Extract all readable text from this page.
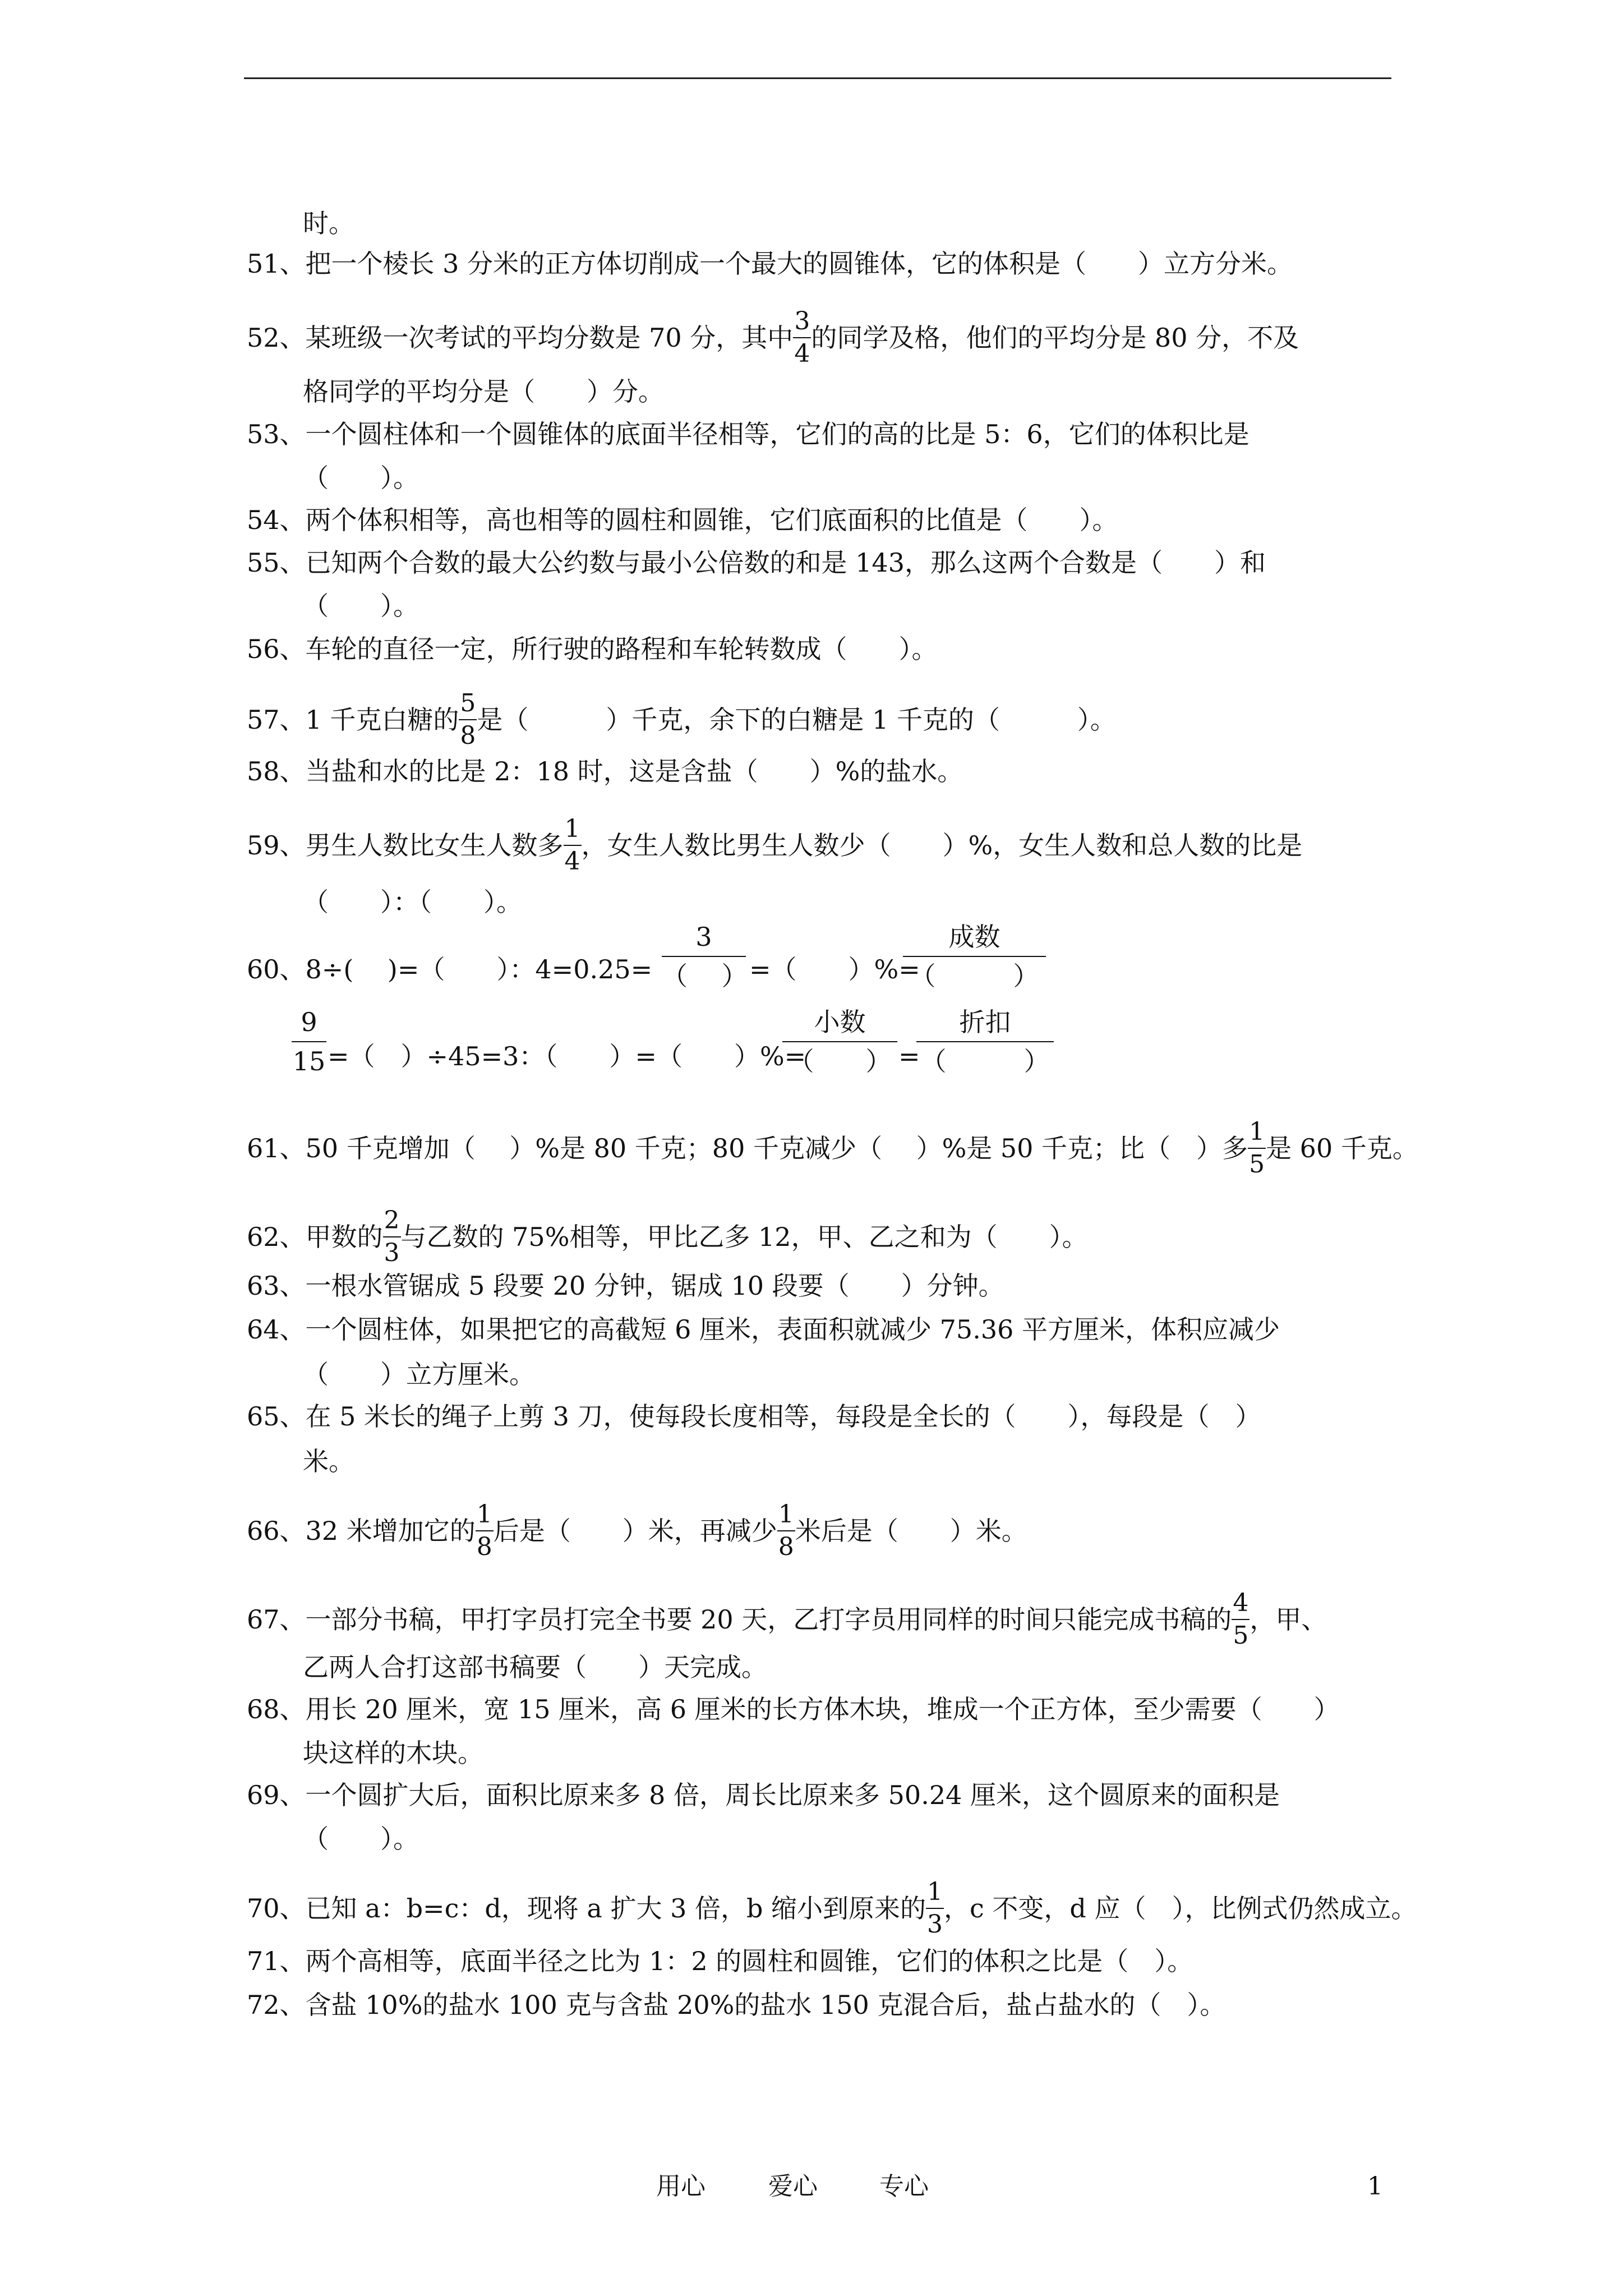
时。
51、把一个棱长 3 分米的正方体切削成一个最大的圆锥体，它的体积是（　　）立方分米。
52、某班级一次考试的平均分数是 70 分，其中 $\frac{3}{4}$ 的同学及格，他们的平均分是 80 分，不及
格同学的平均分是（　　）分。
53、一个圆柱体和一个圆锥体的底面半径相等，它们的高的比是 5：6，它们的体积比是
（　　）。
54、两个体积相等，高也相等的圆柱和圆锥，它们底面积的比值是（　　）。
55、已知两个合数的最大公约数与最小公倍数的和是 143，那么这两个合数是（　　）和
（　　）。
56、车轮的直径一定，所行驶的路程和车轮转数成（　　）。
57、1 千克白糖的 $\frac{5}{8}$ 是（　　　）千克，余下的白糖是 1 千克的（　　　）。
58、当盐和水的比是 2：18 时，这是含盐（　　）%的盐水。
59、男生人数比女生人数多 $\frac{1}{4}$ ，女生人数比男生人数少（　　）%，女生人数和总人数的比是
（　　）：（　　）。
60、8÷(　 )=（　　）：4=0.25=
3
（　 ） =（　　）%=
成数
（　　　）
9
15 =（　）÷45=3：（　　）=（　　）%=
小数
（　　） =
折扣
（　　　）
61、50 千克增加（　 ）%是 80 千克；80 千克减少（　 ）%是 50 千克；比（　）多 $\frac{1}{5}$ 是 60 千克。
62、甲数的 $\frac{2}{3}$ 与乙数的 75%相等，甲比乙多 12，甲、乙之和为（　　）。
63、一根水管锯成 5 段要 20 分钟，锯成 10 段要（　　）分钟。
64、一个圆柱体，如果把它的高截短 6 厘米，表面积就减少 75.36 平方厘米，体积应减少
（　　）立方厘米。
65、在 5 米长的绳子上剪 3 刀，使每段长度相等，每段是全长的（　　），每段是（　）
米。
66、32 米增加它的 $\frac{1}{8}$ 后是（　　）米，再减少 $\frac{1}{8}$ 米后是（　　）米。
67、一部分书稿，甲打字员打完全书要 20 天，乙打字员用同样的时间只能完成书稿的 $\frac{4}{5}$ ，甲、
乙两人合打这部书稿要（　　）天完成。
68、用长 20 厘米，宽 15 厘米，高 6 厘米的长方体木块，堆成一个正方体，至少需要（　　）
块这样的木块。
69、一个圆扩大后，面积比原来多 8 倍，周长比原来多 50.24 厘米，这个圆原来的面积是
（　　）。
70、已知 a：b=c：d，现将 a 扩大 3 倍，b 缩小到原来的 $\frac{1}{3}$ ，c 不变，d 应（　），比例式仍然成立。
71、两个高相等，底面半径之比为 1：2 的圆柱和圆锥，它们的体积之比是（　）。
72、含盐 10%的盐水 100 克与含盐 20%的盐水 150 克混合后，盐占盐水的（　）。
用心	爱心	专心	1
